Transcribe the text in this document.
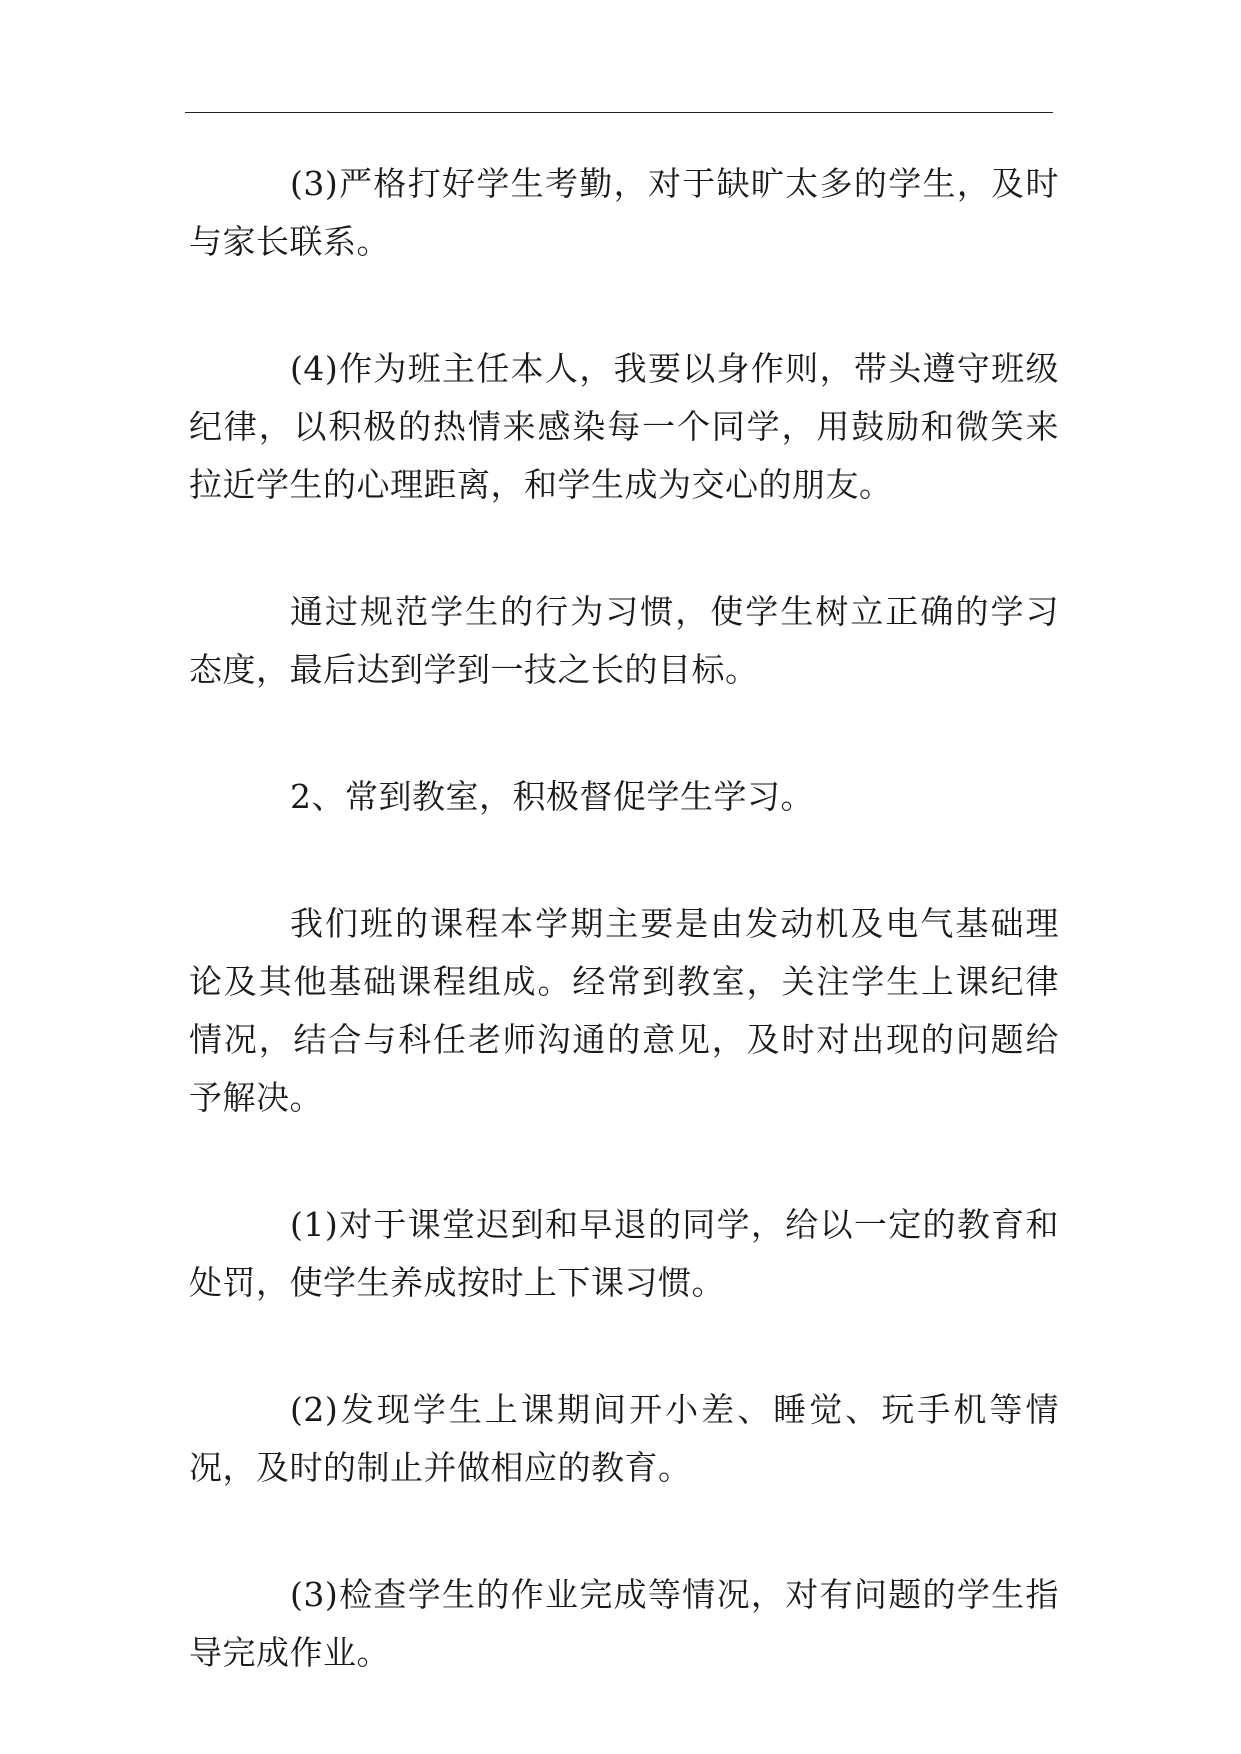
(3)严格打好学生考勤，对于缺旷太多的学生，及时与家长联系。

(4)作为班主任本人，我要以身作则，带头遵守班级纪律，以积极的热情来感染每一个同学，用鼓励和微笑来拉近学生的心理距离，和学生成为交心的朋友。

通过规范学生的行为习惯，使学生树立正确的学习态度，最后达到学到一技之长的目标。

2、常到教室，积极督促学生学习。

我们班的课程本学期主要是由发动机及电气基础理论及其他基础课程组成。经常到教室，关注学生上课纪律情况，结合与科任老师沟通的意见，及时对出现的问题给予解决。

(1)对于课堂迟到和早退的同学，给以一定的教育和处罚，使学生养成按时上下课习惯。

(2)发现学生上课期间开小差、睡觉、玩手机等情况，及时的制止并做相应的教育。

(3)检查学生的作业完成等情况，对有问题的学生指导完成作业。
